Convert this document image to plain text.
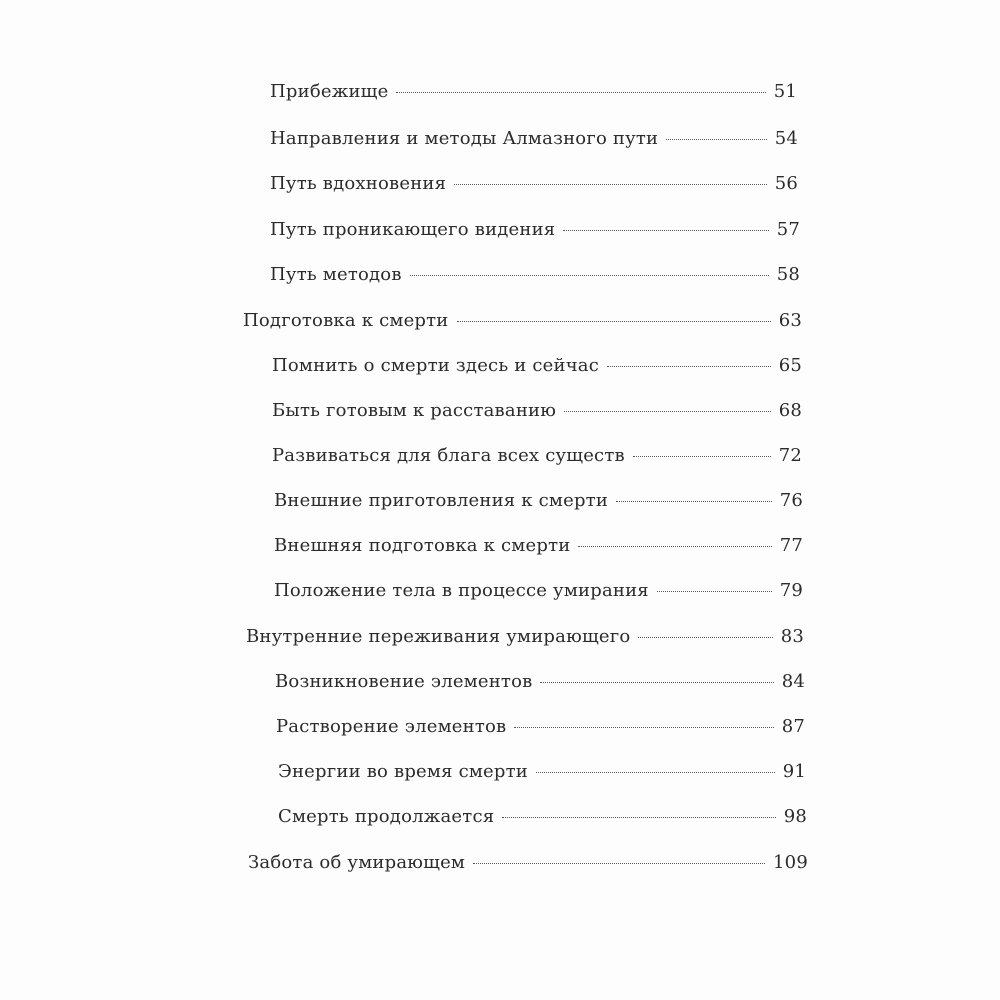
Прибежище	51
Направления и методы Алмазного пути	54
Путь вдохновения	56
Путь проникающего видения	57
Путь методов	58
Подготовка к смерти	63
Помнить о смерти здесь и сейчас	65
Быть готовым к расставанию	68
Развиваться для блага всех существ	72
Внешние приготовления к смерти	76
Внешняя подготовка к смерти	77
Положение тела в процессе умирания	79
Внутренние переживания умирающего	83
Возникновение элементов	84
Растворение элементов	87
Энергии во время смерти	91
Смерть продолжается	98
Забота об умирающем	109
